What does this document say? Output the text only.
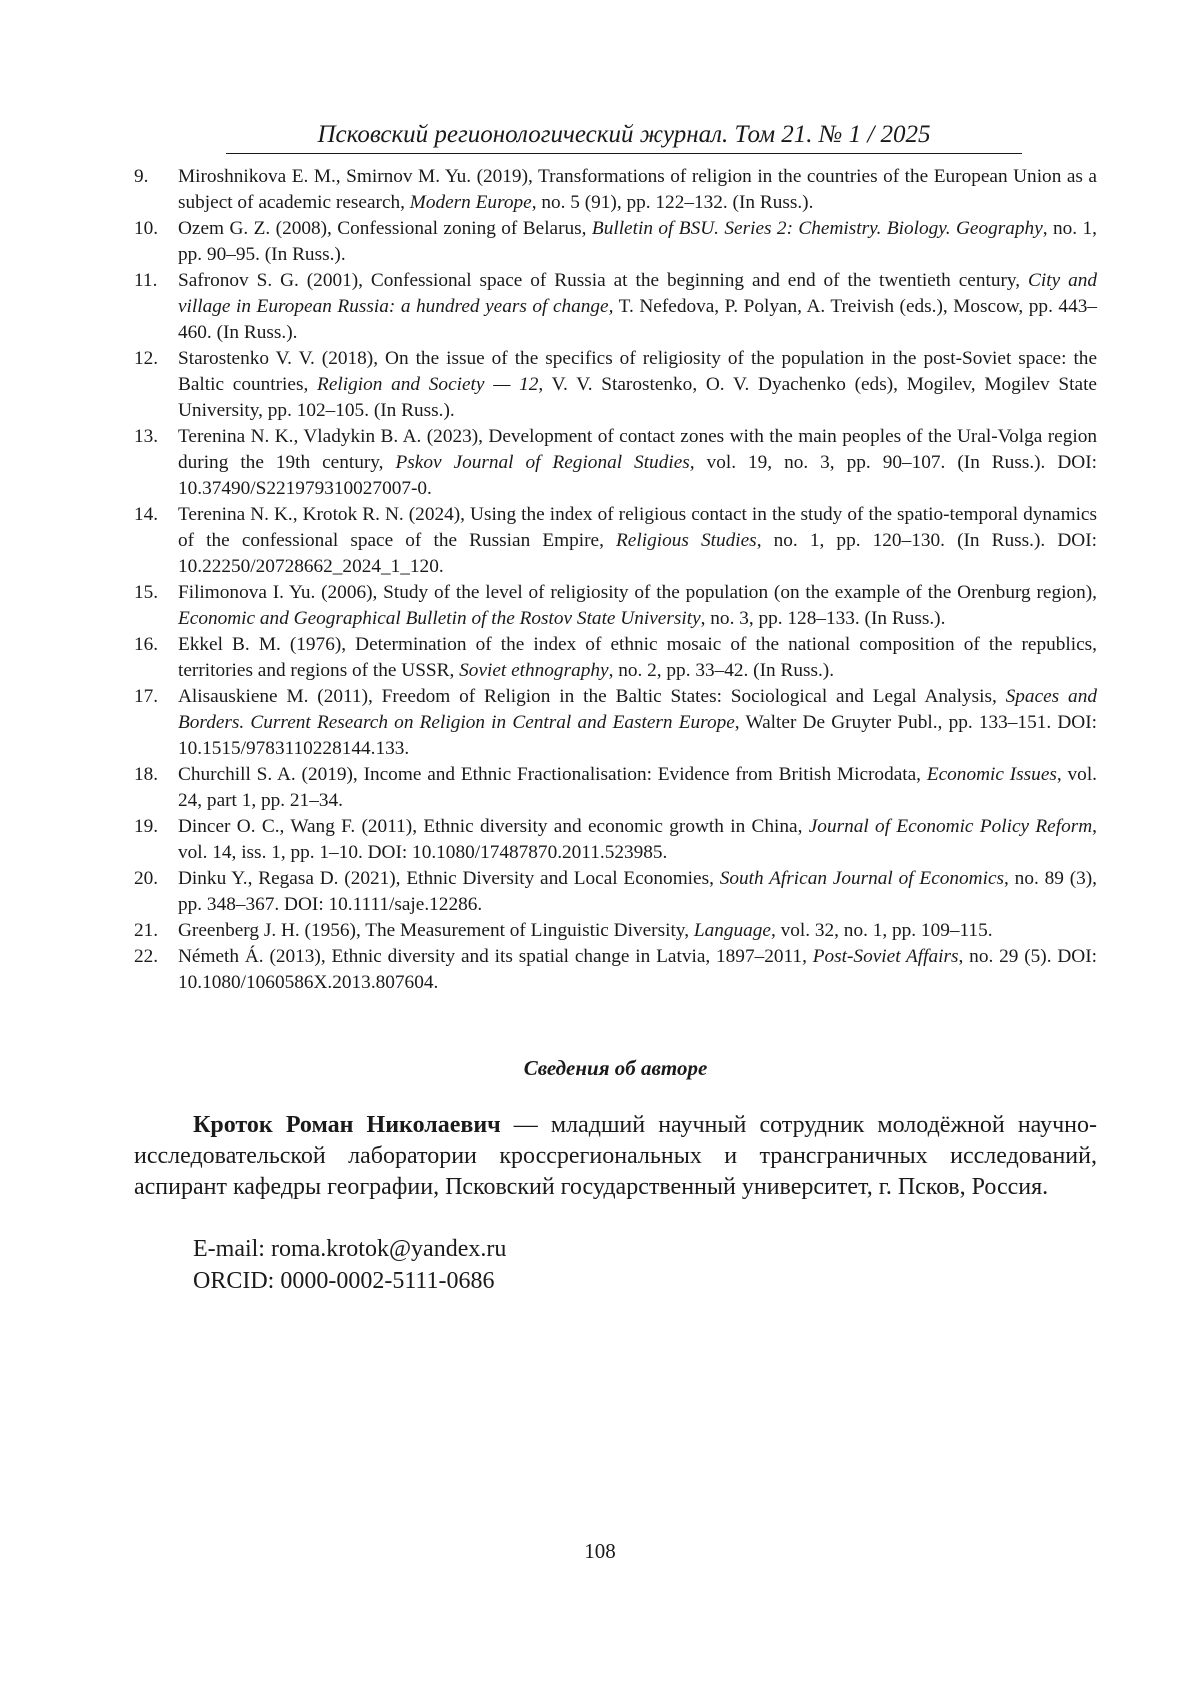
Псковский регионологический журнал. Том 21. № 1 / 2025
9.	Miroshnikova E. M., Smirnov M. Yu. (2019), Transformations of religion in the countries of the European Union as a subject of academic research, Modern Europe, no. 5 (91), pp. 122–132. (In Russ.).
10.	Ozem G. Z. (2008), Confessional zoning of Belarus, Bulletin of BSU. Series 2: Chemistry. Biology. Geography, no. 1, pp. 90–95. (In Russ.).
11.	Safronov S. G. (2001), Confessional space of Russia at the beginning and end of the twentieth century, City and village in European Russia: a hundred years of change, T. Nefedova, P. Polyan, A. Treivish (eds.), Moscow, pp. 443–460. (In Russ.).
12.	Starostenko V. V. (2018), On the issue of the specifics of religiosity of the population in the post-Soviet space: the Baltic countries, Religion and Society — 12, V. V. Starostenko, O. V. Dyachenko (eds), Mogilev, Mogilev State University, pp. 102–105. (In Russ.).
13.	Terenina N. K., Vladykin B. A. (2023), Development of contact zones with the main peoples of the Ural-Volga region during the 19th century, Pskov Journal of Regional Studies, vol. 19, no. 3, pp. 90–107. (In Russ.). DOI: 10.37490/S221979310027007-0.
14.	Terenina N. K., Krotok R. N. (2024), Using the index of religious contact in the study of the spatio-temporal dynamics of the confessional space of the Russian Empire, Religious Studies, no. 1, pp. 120–130. (In Russ.). DOI: 10.22250/20728662_2024_1_120.
15.	Filimonova I. Yu. (2006), Study of the level of religiosity of the population (on the example of the Orenburg region), Economic and Geographical Bulletin of the Rostov State University, no. 3, pp. 128–133. (In Russ.).
16.	Ekkel B. M. (1976), Determination of the index of ethnic mosaic of the national composition of the republics, territories and regions of the USSR, Soviet ethnography, no. 2, pp. 33–42. (In Russ.).
17.	Alisauskiene M. (2011), Freedom of Religion in the Baltic States: Sociological and Legal Analysis, Spaces and Borders. Current Research on Religion in Central and Eastern Europe, Walter De Gruyter Publ., pp. 133–151. DOI: 10.1515/9783110228144.133.
18.	Churchill S. A. (2019), Income and Ethnic Fractionalisation: Evidence from British Microdata, Economic Issues, vol. 24, part 1, pp. 21–34.
19.	Dincer O. C., Wang F. (2011), Ethnic diversity and economic growth in China, Journal of Economic Policy Reform, vol. 14, iss. 1, pp. 1–10. DOI: 10.1080/17487870.2011.523985.
20.	Dinku Y., Regasa D. (2021), Ethnic Diversity and Local Economies, South African Journal of Economics, no. 89 (3), pp. 348–367. DOI: 10.1111/saje.12286.
21.	Greenberg J. H. (1956), The Measurement of Linguistic Diversity, Language, vol. 32, no. 1, pp. 109–115.
22.	Németh Á. (2013), Ethnic diversity and its spatial change in Latvia, 1897–2011, Post-Soviet Affairs, no. 29 (5). DOI: 10.1080/1060586X.2013.807604.
Сведения об авторе

Кроток Роман Николаевич — младший научный сотрудник молодёжной научно-исследовательской лаборатории кроссрегиональных и трансграничных исследований, аспирант кафедры географии, Псковский государственный университет, г. Псков, Россия.

E-mail: roma.krotok@yandex.ru
ORCID: 0000-0002-5111-0686
108
